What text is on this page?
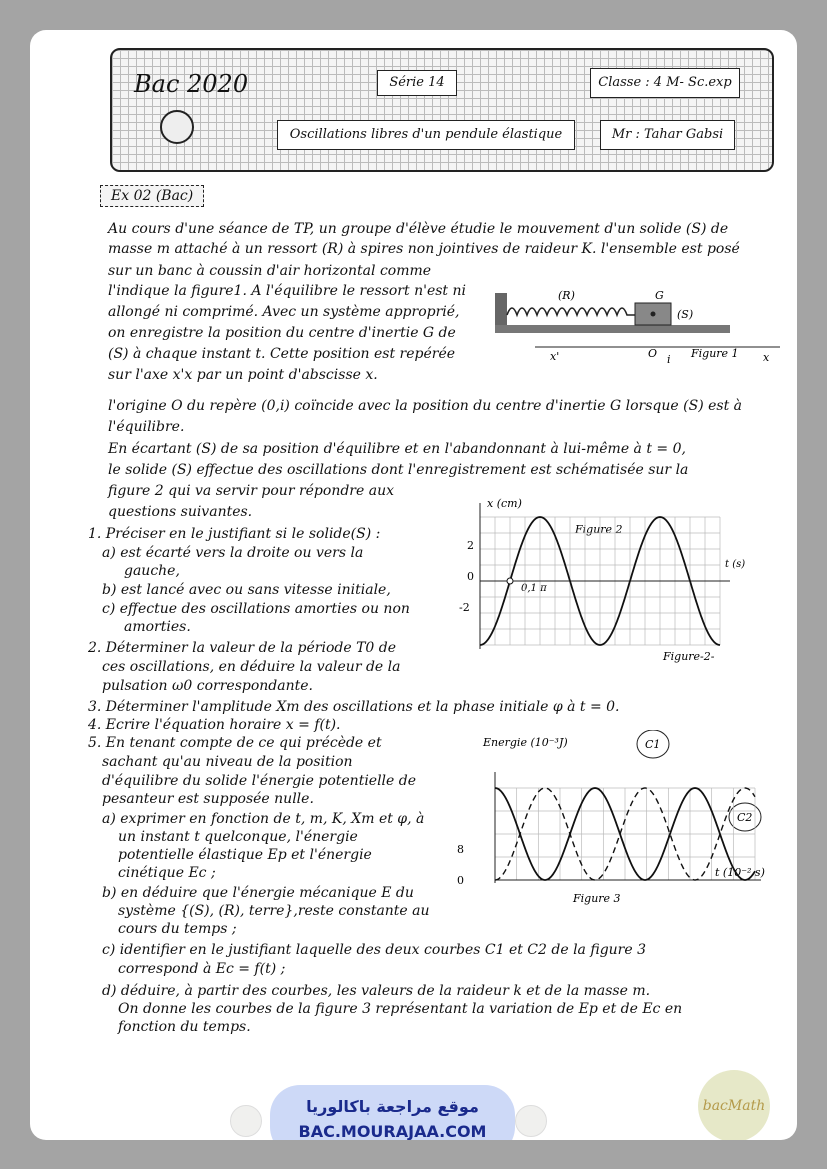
Bac 2020	Série 14	Classe : 4 M- Sc.exp
Oscillations libres d'un pendule élastique	Mr : Tahar Gabsi
Ex 02 (Bac)
Au cours d'une séance de TP, un groupe d'élève étudie le mouvement d'un solide (S) de
masse m attaché à un ressort (R) à spires non jointives de raideur K. l'ensemble est posé
sur un banc à coussin d'air horizontal comme
l'indique la figure1. A l'équilibre le ressort n'est ni
allongé ni comprimé. Avec un système approprié,
on enregistre la position du centre d'inertie G de
(S) à chaque instant t. Cette position est repérée
sur l'axe x'x par un point d'abscisse x.
l'origine O du repère (0,i) coïncide avec la position du centre d'inertie G lorsque (S) est à
l'équilibre.
En écartant (S) de sa position d'équilibre et en l'abandonnant à lui-même à t = 0,
le solide (S) effectue des oscillations dont l'enregistrement est schématisée sur la
figure 2 qui va servir pour répondre aux
questions suivantes.
1. Préciser en le justifiant si le solide(S) :
a) est écarté vers la droite ou vers la
gauche,
b) est lancé avec ou sans vitesse initiale,
c) effectue des oscillations amorties ou non
amorties.
2. Déterminer la valeur de la période T0 de
ces oscillations, en déduire la valeur de la
pulsation ω0 correspondante.
3. Déterminer l'amplitude Xm des oscillations et la phase initiale φ à t = 0.
4. Ecrire l'équation horaire x = f(t).
5. En tenant compte de ce qui précède et
sachant qu'au niveau de la position
d'équilibre du solide l'énergie potentielle de
pesanteur est supposée nulle.
a) exprimer en fonction de t, m, K, Xm et φ, à
un instant t quelconque, l'énergie
potentielle élastique Ep et l'énergie
cinétique Ec ;
b) en déduire que l'énergie mécanique E du
système {(S), (R), terre},reste constante au
cours du temps ;
c) identifier en le justifiant laquelle des deux courbes C1 et C2 de la figure 3
correspond à Ec = f(t) ;
d) déduire, à partir des courbes, les valeurs de la raideur k et de la masse m.
On donne les courbes de la figure 3 représentant la variation de Ep et de Ec en
fonction du temps.
(R)	G
(S)
x'	O i Figure 1 x
x (cm)
Figure 2
2
0
-2
t (s)
0,1 π
Figure-2-
Energie (10⁻³J)	C1
C2
8
0
t (10⁻² s)
Figure 3
موقع مراجعة باكالوريا
BAC.MOURAJAA.COM
bacMath
